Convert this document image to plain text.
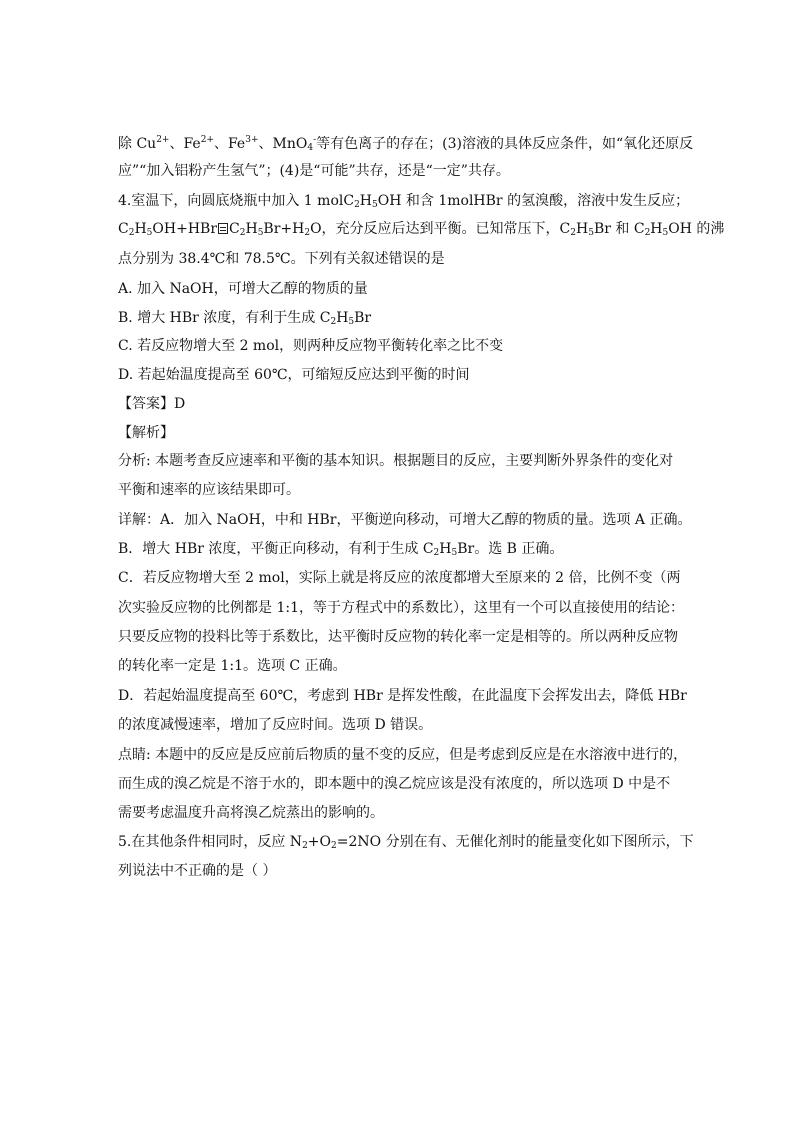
除 $Cu^{2+}$、$Fe^{2+}$、$Fe^{3+}$、MnO$_4$-等有色离子的存在；(3)溶液的具体反应条件，如“氧化还原反

应”“加入铝粉产生氢气”；(4)是“可能”共存，还是“一定”共存。

4.室温下，向圆底烧瓶中加入 1 $molC_2H_5OH$ 和含 1molHBr 的氢溴酸，溶液中发生反应；

$C_2H_5OH+HBr$ $C_2H_5Br+H_2O$，充分反应后达到平衡。已知常压下，$C_2H_5Br$ 和 $C_2H_5OH$ 的沸

点分别为 38.4℃和 78.5℃。下列有关叙述错误的是

A. 加入 NaOH，可增大乙醇的物质的量

B. 增大 HBr 浓度，有利于生成 $C_2H_5Br$

C. 若反应物增大至 2 mol，则两种反应物平衡转化率之比不变

D. 若起始温度提高至 60℃，可缩短反应达到平衡的时间

【答案】D

【解析】

分析: 本题考查反应速率和平衡的基本知识。根据题目的反应，主要判断外界条件的变化对

平衡和速率的应该结果即可。

详解：A．加入 NaOH，中和 HBr，平衡逆向移动，可增大乙醇的物质的量。选项 A 正确。

B．增大 HBr 浓度，平衡正向移动，有利于生成 $C_2H_5Br$。选 B 正确。

C．若反应物增大至 2 mol，实际上就是将反应的浓度都增大至原来的 2 倍，比例不变（两

次实验反应物的比例都是 1:1，等于方程式中的系数比），这里有一个可以直接使用的结论：

只要反应物的投料比等于系数比，达平衡时反应物的转化率一定是相等的。所以两种反应物

的转化率一定是 1:1。选项 C 正确。

D．若起始温度提高至 60℃，考虑到 HBr 是挥发性酸，在此温度下会挥发出去，降低 HBr

的浓度减慢速率，增加了反应时间。选项 D 错误。

点睛: 本题中的反应是反应前后物质的量不变的反应，但是考虑到反应是在水溶液中进行的，

而生成的溴乙烷是不溶于水的，即本题中的溴乙烷应该是没有浓度的，所以选项 D 中是不

需要考虑温度升高将溴乙烷蒸出的影响的。

5.在其他条件相同时，反应 $N_2+O_2=2NO$ 分别在有、无催化剂时的能量变化如下图所示，下

列说法中不正确的是（ ）
